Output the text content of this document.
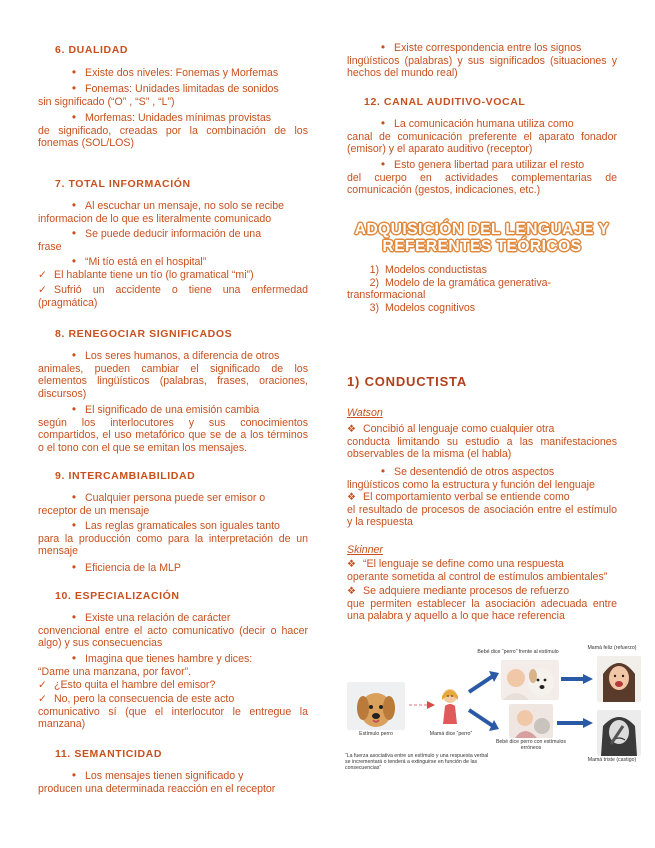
6. DUALIDAD
• Existe dos niveles: Fonemas y Morfemas
• Fonemas: Unidades limitadas de sonidos
sin significado (“O” , “S” , “L”)
• Morfemas: Unidades mínimas provistas
de significado, creadas por la combinación de los fonemas (SOL/LOS)
7. TOTAL INFORMACIÓN
• Al escuchar un mensaje, no solo se recibe
informacion de lo que es literalmente comunicado
• Se puede deducir información de una
frase
• “Mi tío está en el hospital”
✓ El hablante tiene un tío (lo gramatical “mi”)
✓ Sufrió un accidente o tiene una enfermedad (pragmática)
8. RENEGOCIAR SIGNIFICADOS
• Los seres humanos, a diferencia de otros
animales, pueden cambiar el significado de los elementos lingüísticos (palabras, frases, oraciones, discursos)
• El significado de una emisión cambia
según los interlocutores y sus conocimientos compartidos, el uso metafórico que se de a los términos o el tono con el que se emitan los mensajes.
9. INTERCAMBIABILIDAD
• Cualquier persona puede ser emisor o
receptor de un mensaje
• Las reglas gramaticales son iguales tanto
para la producción como para la interpretación de un mensaje
• Eficiencia de la MLP
10. ESPECIALIZACIÓN
• Existe una relación de carácter
convencional entre el acto comunicativo (decir o hacer algo) y sus consecuencias
• Imagina que tienes hambre y dices:
“Dame una manzana, por favor”.
✓ ¿Esto quita el hambre del emisor?
✓ No, pero la consecuencia de este acto
comunicativo sí (que el interlocutor le entregue la manzana)
11. SEMANTICIDAD
• Los mensajes tienen significado y
producen una determinada reacción en el receptor
• Existe correspondencia entre los signos
lingüísticos (palabras) y sus significados (situaciones y hechos del mundo real)
12. CANAL AUDITIVO-VOCAL
• La comunicación humana utiliza como
canal de comunicación preferente el aparato fonador (emisor) y el aparato auditivo (receptor)
• Esto genera libertad para utilizar el resto
del cuerpo en actividades complementarias de comunicación (gestos, indicaciones, etc.)
ADQUISICIÓN DEL LENGUAJE Y
REFERENTES TEÓRICOS
1) Modelos conductistas
2) Modelo de la gramática generativa-
transformacional
3) Modelos cognitivos
1) CONDUCTISTA
Watson
❖ Concibió al lenguaje como cualquier otra
conducta limitando su estudio a las manifestaciones observables de la misma (el habla)
• Se desentendió de otros aspectos
lingüísticos como la estructura y función del lenguaje
❖ El comportamiento verbal se entiende como
el resultado de procesos de asociación entre el estímulo y la respuesta
Skinner
❖ “El lenguaje se define como una respuesta
operante sometida al control de estímulos ambientales”
❖ Se adquiere mediante procesos de refuerzo
que permiten establecer la asociación adecuada entre una palabra y aquello a lo que hace referencia
Estímulo perro	Mamá dice “perro”
Bebé dice “perro” frente al estímulo
Bebé dice perro con estímulos erróneos
Mamá feliz (refuerzo)
Mamá triste (castigo)
“La fuerza asociativa entre un estímulo y una respuesta verbal se incrementará o tenderá a extinguirse en función de las consecuencias”
